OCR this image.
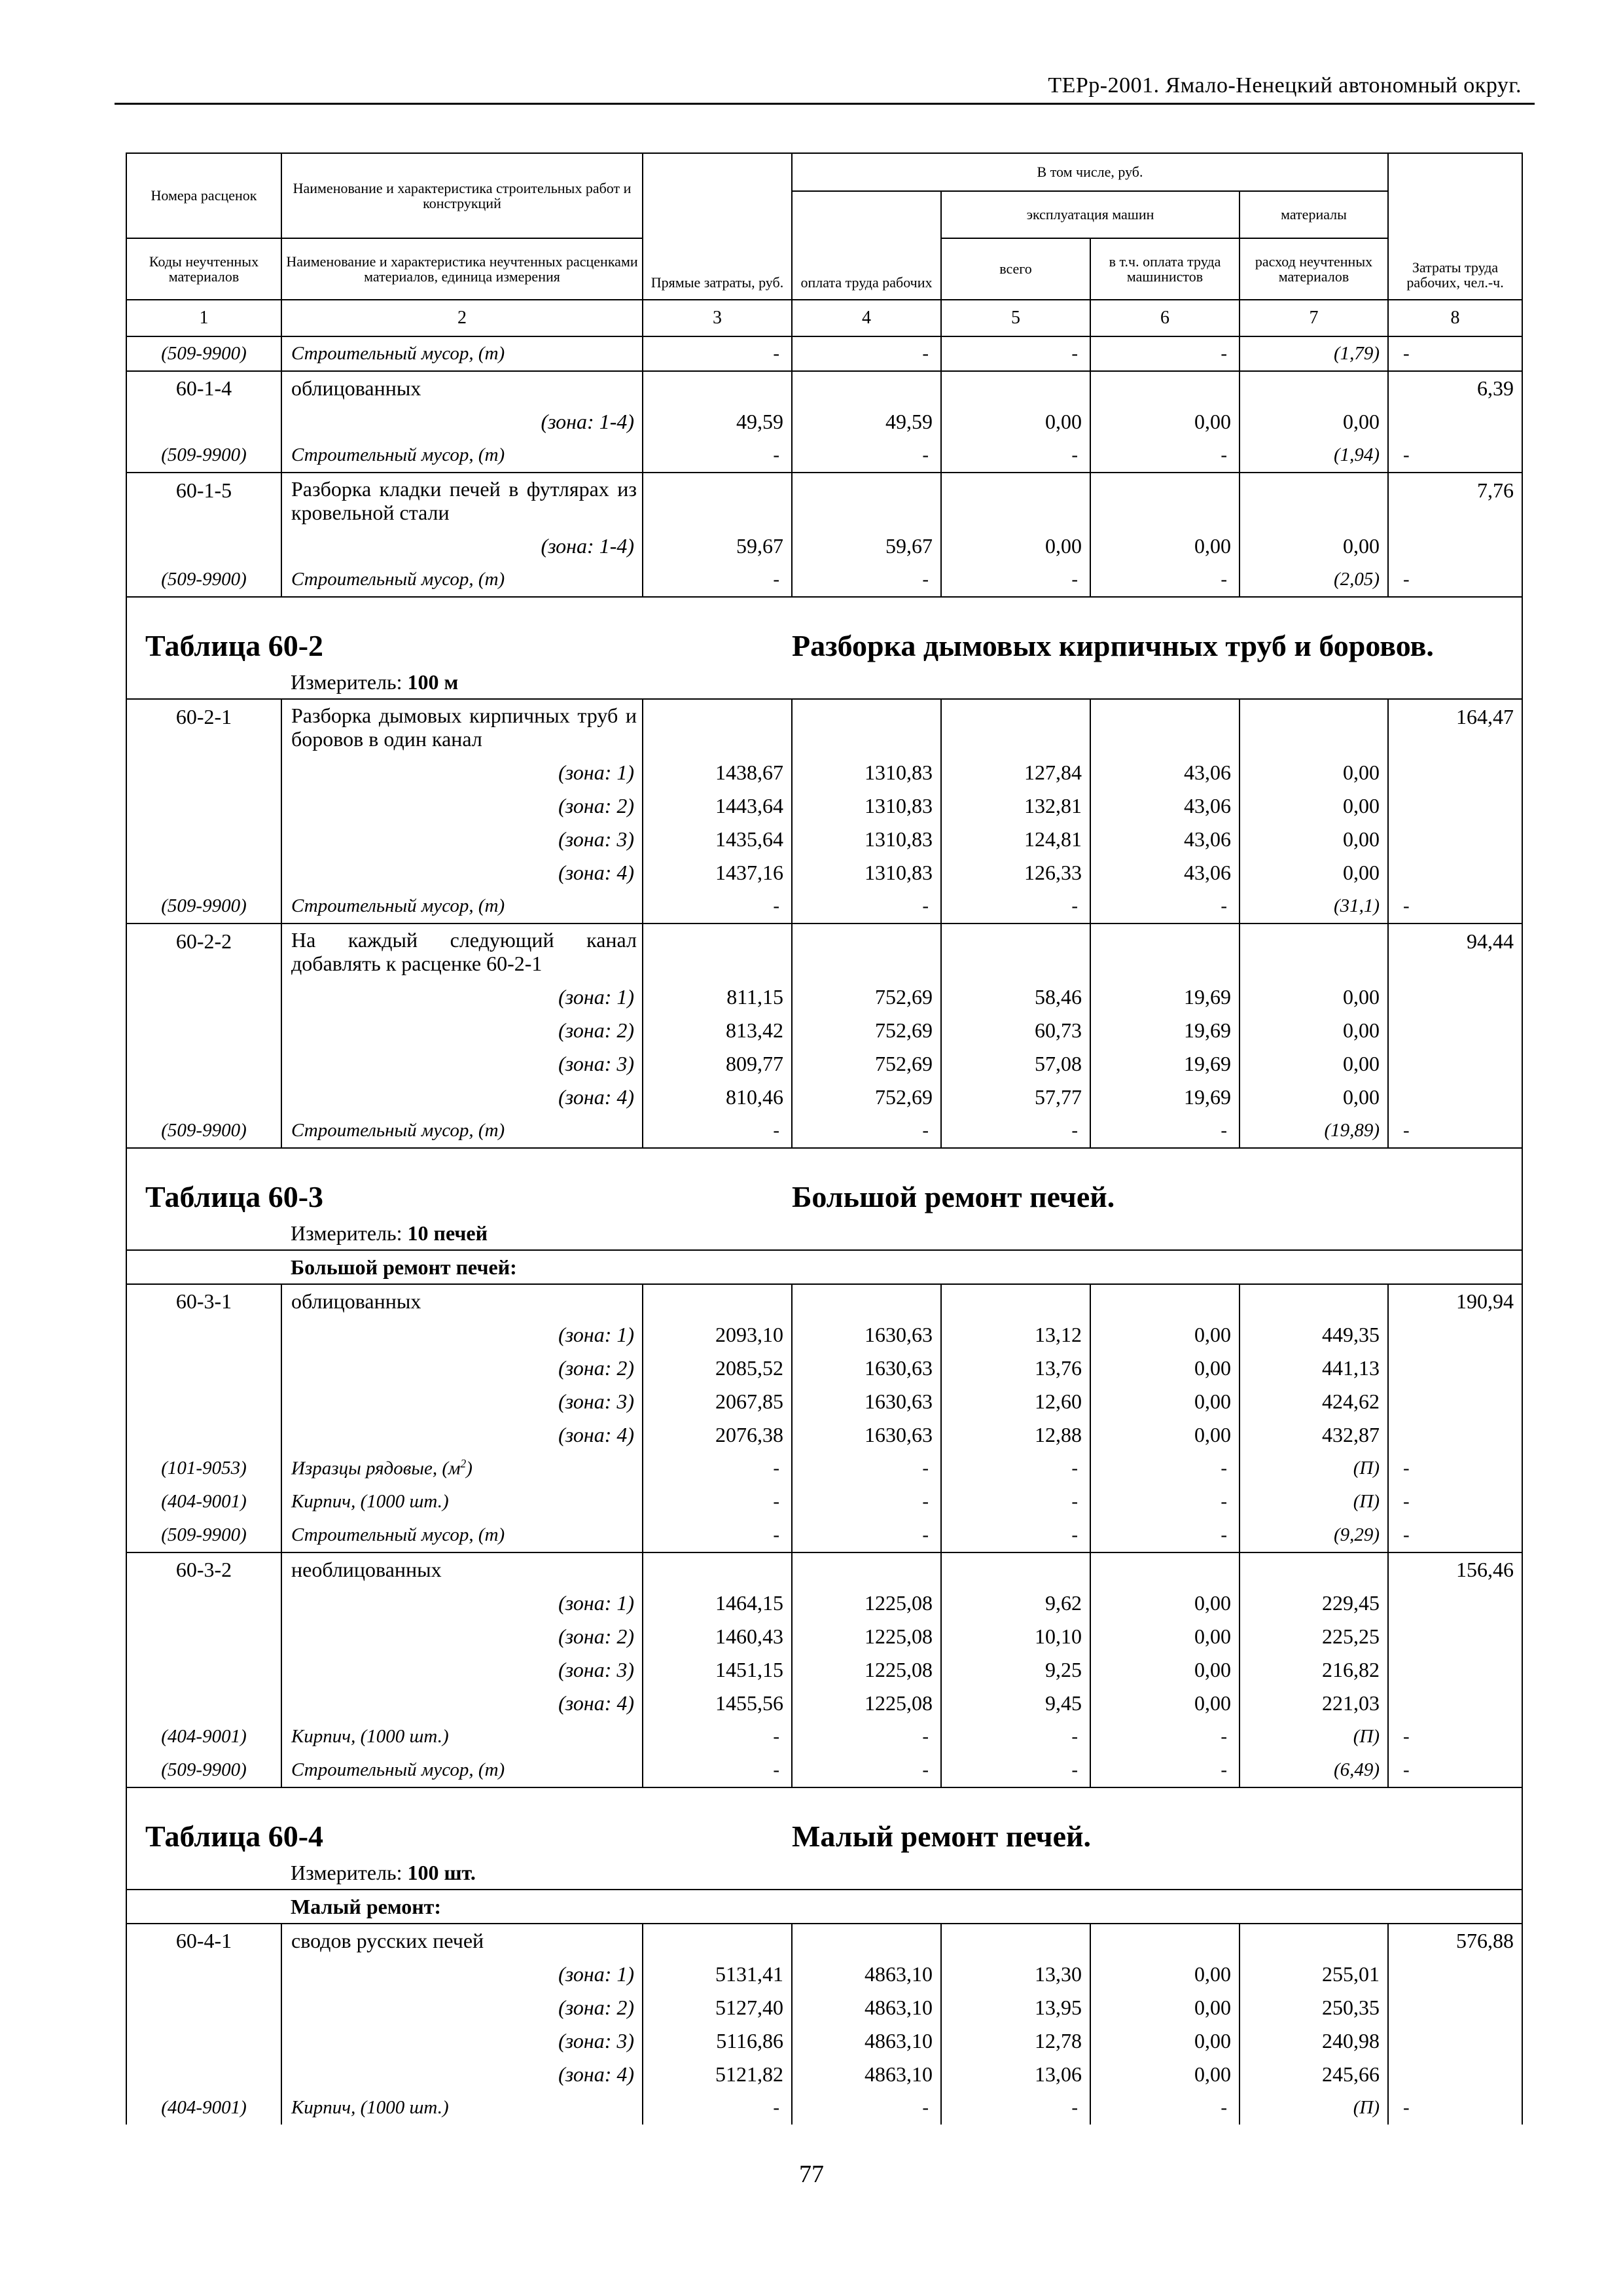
ТЕРр-2001. Ямало-Ненецкий автономный округ.
Номера расценок	Наименование и характеристика строительных работ и конструкций	Прямые затраты, руб.	В том числе, руб.				Затраты труда рабочих, чел.-ч.
			оплата труда рабочих	эксплуатация машин		материалы	
Коды неучтенных материалов	Наименование и характеристика неучтенных расценками материалов, единица измерения			всего	в т.ч. оплата труда машинистов	расход неучтенных материалов	
1	2	3	4	5	6	7	8
(509-9900)	Строительный мусор, (т)	-	-	-	-	(1,79)	-
60-1-4	облицованных						6,39
	(зона: 1-4)	49,59	49,59	0,00	0,00	0,00	
(509-9900)	Строительный мусор, (т)	-	-	-	-	(1,94)	-
60-1-5	Разборка кладки печей в футлярах из кровельной стали						7,76
	(зона: 1-4)	59,67	59,67	0,00	0,00	0,00	
(509-9900)	Строительный мусор, (т)	-	-	-	-	(2,05)	-
Таблица 60-2			Разборка дымовых кирпичных труб и боровов.				
	Измеритель: 100 м						
60-2-1	Разборка дымовых кирпичных труб и боровов в один канал						164,47
	(зона: 1)	1438,67	1310,83	127,84	43,06	0,00	
	(зона: 2)	1443,64	1310,83	132,81	43,06	0,00	
	(зона: 3)	1435,64	1310,83	124,81	43,06	0,00	
	(зона: 4)	1437,16	1310,83	126,33	43,06	0,00	
(509-9900)	Строительный мусор, (т)	-	-	-	-	(31,1)	-
60-2-2	На каждый следующий канал добавлять к расценке 60-2-1						94,44
	(зона: 1)	811,15	752,69	58,46	19,69	0,00	
	(зона: 2)	813,42	752,69	60,73	19,69	0,00	
	(зона: 3)	809,77	752,69	57,08	19,69	0,00	
	(зона: 4)	810,46	752,69	57,77	19,69	0,00	
(509-9900)	Строительный мусор, (т)	-	-	-	-	(19,89)	-
Таблица 60-3			Большой ремонт печей.				
	Измеритель: 10 печей						
	Большой ремонт печей:						
60-3-1	облицованных						190,94
	(зона: 1)	2093,10	1630,63	13,12	0,00	449,35	
	(зона: 2)	2085,52	1630,63	13,76	0,00	441,13	
	(зона: 3)	2067,85	1630,63	12,60	0,00	424,62	
	(зона: 4)	2076,38	1630,63	12,88	0,00	432,87	
(101-9053)	Изразцы рядовые, $(м^2)$	-	-	-	-	(П)	-
(404-9001)	Кирпич, (1000 шт.)	-	-	-	-	(П)	-
(509-9900)	Строительный мусор, (т)	-	-	-	-	(9,29)	-
60-3-2	необлицованных						156,46
	(зона: 1)	1464,15	1225,08	9,62	0,00	229,45	
	(зона: 2)	1460,43	1225,08	10,10	0,00	225,25	
	(зона: 3)	1451,15	1225,08	9,25	0,00	216,82	
	(зона: 4)	1455,56	1225,08	9,45	0,00	221,03	
(404-9001)	Кирпич, (1000 шт.)	-	-	-	-	(П)	-
(509-9900)	Строительный мусор, (т)	-	-	-	-	(6,49)	-
Таблица 60-4			Малый ремонт печей.				
	Измеритель: 100 шт.						
	Малый ремонт:						
60-4-1	сводов русских печей						576,88
	(зона: 1)	5131,41	4863,10	13,30	0,00	255,01	
	(зона: 2)	5127,40	4863,10	13,95	0,00	250,35	
	(зона: 3)	5116,86	4863,10	12,78	0,00	240,98	
	(зона: 4)	5121,82	4863,10	13,06	0,00	245,66	
(404-9001)	Кирпич, (1000 шт.)	-	-	-	-	(П)	-
77
